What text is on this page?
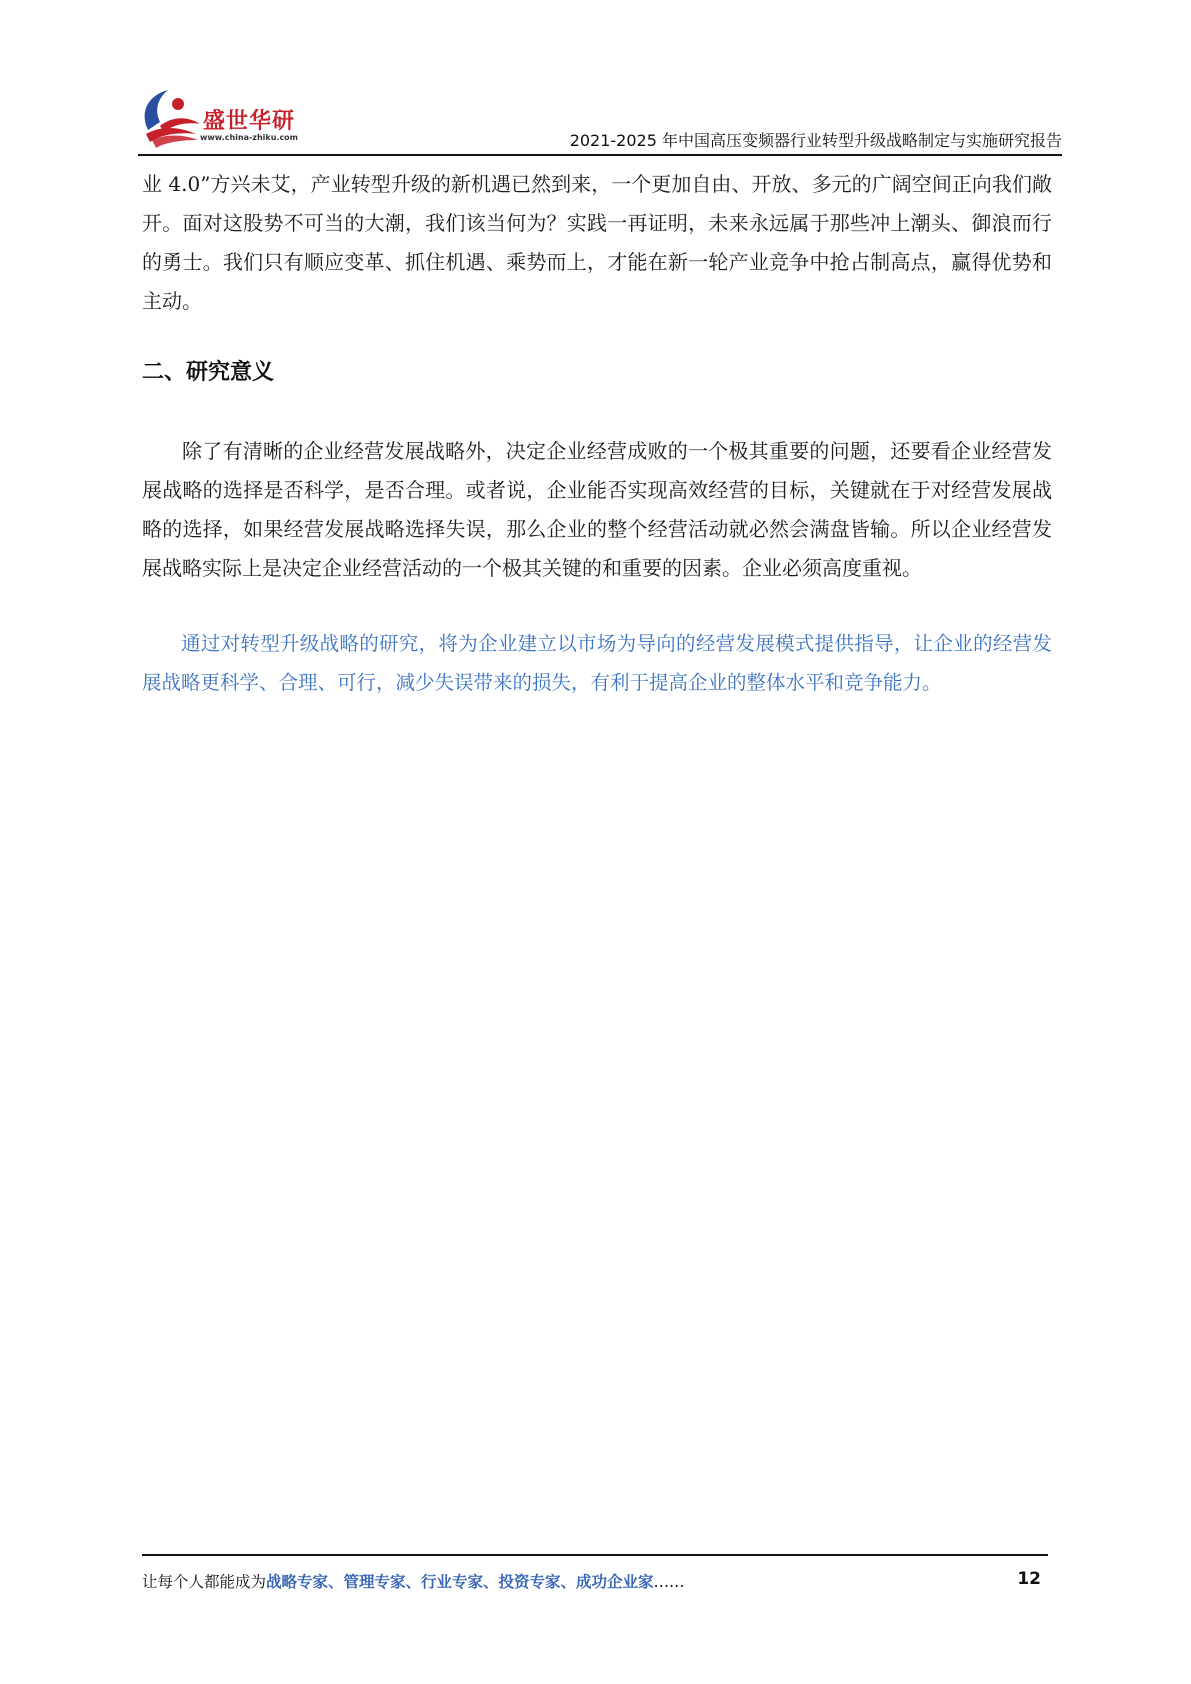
盛世华研
www.china-zhiku.com	2021-2025 年中国高压变频器行业转型升级战略制定与实施研究报告

业 4.0”方兴未艾，产业转型升级的新机遇已然到来，一个更加自由、开放、多元的广阔空间正向我们敞开。面对这股势不可当的大潮，我们该当何为？实践一再证明，未来永远属于那些冲上潮头、御浪而行的勇士。我们只有顺应变革、抓住机遇、乘势而上，才能在新一轮产业竞争中抢占制高点，赢得优势和主动。

二、研究意义

除了有清晰的企业经营发展战略外，决定企业经营成败的一个极其重要的问题，还要看企业经营发展战略的选择是否科学，是否合理。或者说，企业能否实现高效经营的目标，关键就在于对经营发展战略的选择，如果经营发展战略选择失误，那么企业的整个经营活动就必然会满盘皆输。所以企业经营发展战略实际上是决定企业经营活动的一个极其关键的和重要的因素。企业必须高度重视。

通过对转型升级战略的研究，将为企业建立以市场为导向的经营发展模式提供指导，让企业的经营发展战略更科学、合理、可行，减少失误带来的损失，有利于提高企业的整体水平和竞争能力。

让每个人都能成为战略专家、管理专家、行业专家、投资专家、成功企业家……	12
